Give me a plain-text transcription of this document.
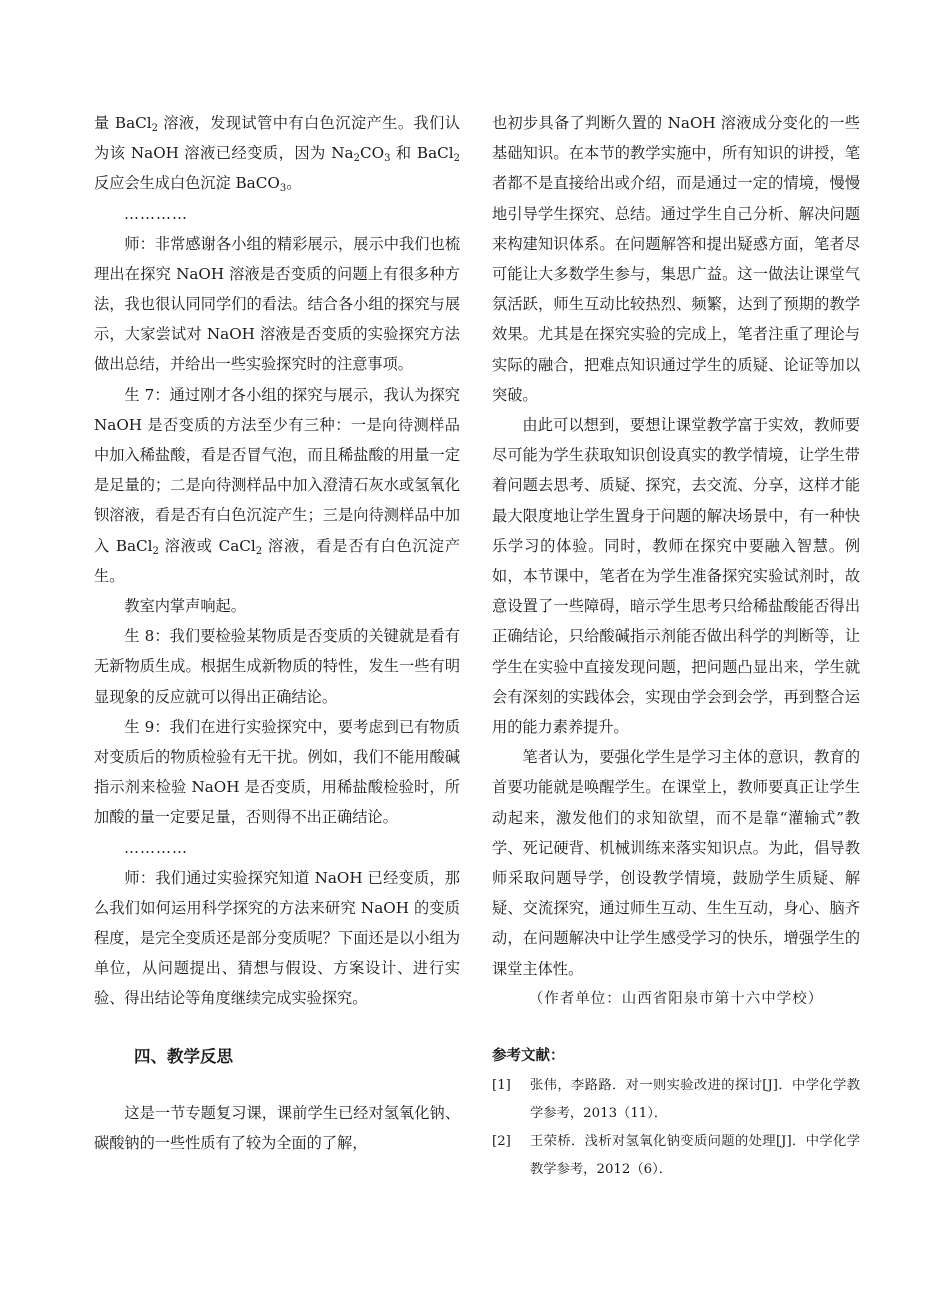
量 BaCl$_2$ 溶液，发现试管中有白色沉淀产生。我们认为该 NaOH 溶液已经变质，因为 $Na_2CO_3$ 和 BaCl$_2$ 反应会生成白色沉淀 BaCO$_3$。

…………

师：非常感谢各小组的精彩展示，展示中我们也梳理出在探究 NaOH 溶液是否变质的问题上有很多种方法，我也很认同同学们的看法。结合各小组的探究与展示，大家尝试对 NaOH 溶液是否变质的实验探究方法做出总结，并给出一些实验探究时的注意事项。

生 7：通过刚才各小组的探究与展示，我认为探究 NaOH 是否变质的方法至少有三种：一是向待测样品中加入稀盐酸，看是否冒气泡，而且稀盐酸的用量一定是足量的；二是向待测样品中加入澄清石灰水或氢氧化钡溶液，看是否有白色沉淀产生；三是向待测样品中加入 BaCl$_2$ 溶液或 CaCl$_2$ 溶液，看是否有白色沉淀产生。

教室内掌声响起。

生 8：我们要检验某物质是否变质的关键就是看有无新物质生成。根据生成新物质的特性，发生一些有明显现象的反应就可以得出正确结论。

生 9：我们在进行实验探究中，要考虑到已有物质对变质后的物质检验有无干扰。例如，我们不能用酸碱指示剂来检验 NaOH 是否变质，用稀盐酸检验时，所加酸的量一定要足量，否则得不出正确结论。

…………

师：我们通过实验探究知道 NaOH 已经变质，那么我们如何运用科学探究的方法来研究 NaOH 的变质程度，是完全变质还是部分变质呢？下面还是以小组为单位，从问题提出、猜想与假设、方案设计、进行实验、得出结论等角度继续完成实验探究。

四、教学反思

这是一节专题复习课，课前学生已经对氢氧化钠、碳酸钠的一些性质有了较为全面的了解，

也初步具备了判断久置的 NaOH 溶液成分变化的一些基础知识。在本节的教学实施中，所有知识的讲授，笔者都不是直接给出或介绍，而是通过一定的情境，慢慢地引导学生探究、总结。通过学生自己分析、解决问题来构建知识体系。在问题解答和提出疑惑方面，笔者尽可能让大多数学生参与，集思广益。这一做法让课堂气氛活跃，师生互动比较热烈、频繁，达到了预期的教学效果。尤其是在探究实验的完成上，笔者注重了理论与实际的融合，把难点知识通过学生的质疑、论证等加以突破。

由此可以想到，要想让课堂教学富于实效，教师要尽可能为学生获取知识创设真实的教学情境，让学生带着问题去思考、质疑、探究，去交流、分享，这样才能最大限度地让学生置身于问题的解决场景中，有一种快乐学习的体验。同时，教师在探究中要融入智慧。例如，本节课中，笔者在为学生准备探究实验试剂时，故意设置了一些障碍，暗示学生思考只给稀盐酸能否得出正确结论，只给酸碱指示剂能否做出科学的判断等，让学生在实验中直接发现问题，把问题凸显出来，学生就会有深刻的实践体会，实现由学会到会学，再到整合运用的能力素养提升。

笔者认为，要强化学生是学习主体的意识，教育的首要功能就是唤醒学生。在课堂上，教师要真正让学生动起来，激发他们的求知欲望，而不是靠“灌输式”教学、死记硬背、机械训练来落实知识点。为此，倡导教师采取问题导学，创设教学情境，鼓励学生质疑、解疑、交流探究，通过师生互动、生生互动，身心、脑齐动，在问题解决中让学生感受学习的快乐，增强学生的课堂主体性。

（作者单位：山西省阳泉市第十六中学校）
参考文献：

[1] 张伟，李路路．对一则实验改进的探讨[J]．中学化学教学参考，2013（11）．

[2] 王荣桥．浅析对氢氧化钠变质问题的处理[J]．中学化学教学参考，2012（6）．
